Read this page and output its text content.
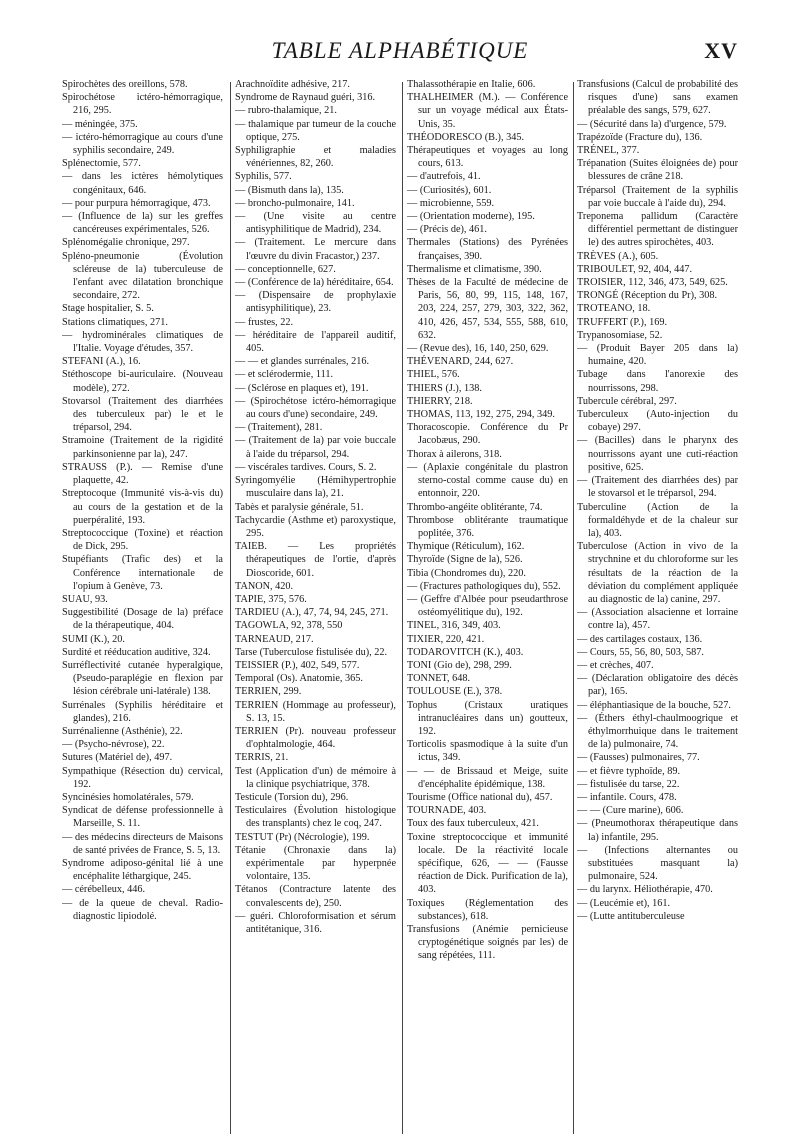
TABLE ALPHABÉTIQUE	XV

Spirochètes des oreillons, 578.

Spirochétose ictéro-hémorragique, 216, 295.

— méningée, 375.

— ictéro-hémorragique au cours d'une syphilis secondaire, 249.

Splénectomie, 577.

— dans les ictères hémolytiques congénitaux, 646.

— pour purpura hémorragique, 473.

— (Influence de la) sur les greffes cancéreuses expérimentales, 526.

Splénomégalie chronique, 297.

Spléno-pneumonie (Évolution scléreuse de la) tuberculeuse de l'enfant avec dilatation bronchique secondaire, 272.

Stage hospitalier, S. 5.

Stations climatiques, 271.

— hydrominérales climatiques de l'Italie. Voyage d'études, 357.

STEFANI (A.), 16.

Stéthoscope bi-auriculaire. (Nouveau modèle), 272.

Stovarsol (Traitement des diarrhées des tuberculeux par) le et le tréparsol, 294.

Stramoine (Traitement de la rigidité parkinsonienne par la), 247.

STRAUSS (P.). — Remise d'une plaquette, 42.

Streptocoque (Immunité vis-à-vis du) au cours de la gestation et de la puerpéralité, 193.

Streptococcique (Toxine) et réaction de Dick, 295.

Stupéfiants (Trafic des) et la Conférence internationale de l'opium à Genève, 73.

SUAU, 93.

Suggestibilité (Dosage de la) préface de la thérapeutique, 404.

SUMI (K.), 20.

Surdité et rééducation auditive, 324.

Surréflectivité cutanée hyperalgique, (Pseudo-paraplégie en flexion par lésion cérébrale uni-latérale) 138.

Surrénales (Syphilis héréditaire et glandes), 216.

Surrénalienne (Asthénie), 22.

— (Psycho-névrose), 22.

Sutures (Matériel de), 497.

Sympathique (Résection du) cervical, 192.

Syncinésies homolatérales, 579.

Syndicat de défense professionnelle à Marseille, S. 11.

— des médecins directeurs de Maisons de santé privées de France, S. 5, 13.

Syndrome adiposo-génital lié à une encéphalite léthargique, 245.

— cérébelleux, 446.

— de la queue de cheval. Radio-diagnostic lipiodolé.

Arachnoïdite adhésive, 217.

Syndrome de Raynaud guéri, 316.

— rubro-thalamique, 21.

— thalamique par tumeur de la couche optique, 275.

Syphiligraphie et maladies vénériennes, 82, 260.

Syphilis, 577.

— (Bismuth dans la), 135.

— broncho-pulmonaire, 141.

— (Une visite au centre antisyphilitique de Madrid), 234.

— (Traitement. Le mercure dans l'œuvre du divin Fracastor,) 237.

— conceptionnelle, 627.

— (Conférence de la) héréditaire, 654.

— (Dispensaire de prophylaxie antisyphilitique), 23.

— frustes, 22.

— héréditaire de l'appareil auditif, 405.

— — et glandes surrénales, 216.

— et sclérodermie, 111.

— (Sclérose en plaques et), 191.

— (Spirochétose ictéro-hémorragique au cours d'une) secondaire, 249.

— (Traitement), 281.

— (Traitement de la) par voie buccale à l'aide du tréparsol, 294.

— viscérales tardives. Cours, S. 2.

Syringomyélie (Hémihypertrophie musculaire dans la), 21.

Tabès et paralysie générale, 51.

Tachycardie (Asthme et) paroxystique, 295.

TAIEB. — Les propriétés thérapeutiques de l'ortie, d'après Dioscoride, 601.

TANON, 420.

TAPIE, 375, 576.

TARDIEU (A.), 47, 74, 94, 245, 271.

TAGOWLA, 92, 378, 550

TARNEAUD, 217.

Tarse (Tuberculose fistulisée du), 22.

TEISSIER (P.), 402, 549, 577.

Temporal (Os). Anatomie, 365.

TERRIEN, 299.

TERRIEN (Hommage au professeur), S. 13, 15.

TERRIEN (Pr). nouveau professeur d'ophtalmologie, 464.

TERRIS, 21.

Test (Application d'un) de mémoire à la clinique psychiatrique, 378.

Testicule (Torsion du), 296.

Testiculaires (Évolution histologique des transplants) chez le coq, 247.

TESTUT (Pr) (Nécrologie), 199.

Tétanie (Chronaxie dans la) expérimentale par hyperpnée volontaire, 135.

Tétanos (Contracture latente des convalescents de), 250.

— guéri. Chloroformisation et sérum antitétanique, 316.

Thalassothérapie en Italie, 606.

THALHEIMER (M.). — Conférence sur un voyage médical aux États-Unis, 35.

THÉODORESCO (B.), 345.

Thérapeutiques et voyages au long cours, 613.

— d'autrefois, 41.

— (Curiosités), 601.

— microbienne, 559.

— (Orientation moderne), 195.

— (Précis de), 461.

Thermales (Stations) des Pyrénées françaises, 390.

Thermalisme et climatisme, 390.

Thèses de la Faculté de médecine de Paris, 56, 80, 99, 115, 148, 167, 203, 224, 257, 279, 303, 322, 362, 410, 426, 457, 534, 555, 588, 610, 632.

— (Revue des), 16, 140, 250, 629.

THÉVENARD, 244, 627.

THIEL, 576.

THIERS (J.), 138.

THIERRY, 218.

THOMAS, 113, 192, 275, 294, 349.

Thoracoscopie. Conférence du Pr Jacobæus, 290.

Thorax à ailerons, 318.

— (Aplaxie congénitale du plastron sterno-costal comme cause du) en entonnoir, 220.

Thrombo-angéite oblitérante, 74.

Thrombose oblitérante traumatique poplitée, 376.

Thymique (Réticulum), 162.

Thyroïde (Signe de la), 526.

Tibia (Chondromes du), 220.

— (Fractures pathologiques du), 552.

— (Geffre d'Albée pour pseudarthrose ostéomyélitique du), 192.

TINEL, 316, 349, 403.

TIXIER, 220, 421.

TODAROVITCH (K.), 403.

TONI (Gio de), 298, 299.

TONNET, 648.

TOULOUSE (E.), 378.

Tophus (Cristaux uratiques intranucléaires dans un) goutteux, 192.

Torticolis spasmodique à la suite d'un ictus, 349.

— — de Brissaud et Meige, suite d'encéphalite épidémique, 138.

Tourisme (Office national du), 457.

TOURNADE, 403.

Toux des faux tuberculeux, 421.

Toxine streptococcique et immunité locale. De la réactivité locale spécifique, 626, — — (Fausse réaction de Dick. Purification de la), 403.

Toxiques (Réglementation des substances), 618.

Transfusions (Anémie pernicieuse cryptogénétique soignés par les) de sang répétées, 111.

Transfusions (Calcul de probabilité des risques d'une) sans examen préalable des sangs, 579, 627.

— (Sécurité dans la) d'urgence, 579.

Trapézoïde (Fracture du), 136.

TRÉNEL, 377.

Trépanation (Suites éloignées de) pour blessures de crâne 218.

Tréparsol (Traitement de la syphilis par voie buccale à l'aide du), 294.

Treponema pallidum (Caractère différentiel permettant de distinguer le) des autres spirochètes, 403.

TRÈVES (A.), 605.

TRIBOULET, 92, 404, 447.

TROISIER, 112, 346, 473, 549, 625.

TRONGÉ (Réception du Pr), 308.

TROTEANO, 18.

TRUFFERT (P.), 169.

Trypanosomiase, 52.

— (Produit Bayer 205 dans la) humaine, 420.

Tubage dans l'anorexie des nourrissons, 298.

Tubercule cérébral, 297.

Tuberculeux (Auto-injection du cobaye) 297.

— (Bacilles) dans le pharynx des nourrissons ayant une cuti-réaction positive, 625.

— (Traitement des diarrhées des) par le stovarsol et le tréparsol, 294.

Tuberculine (Action de la formaldéhyde et de la chaleur sur la), 403.

Tuberculose (Action in vivo de la strychnine et du chloroforme sur les résultats de la réaction de la déviation du complément appliquée au diagnostic de la) canine, 297.

— (Association alsacienne et lorraine contre la), 457.

— des cartilages costaux, 136.

— Cours, 55, 56, 80, 503, 587.

— et crèches, 407.

— (Déclaration obligatoire des décès par), 165.

— éléphantiasique de la bouche, 527.

— (Éthers éthyl-chaulmoogrique et éthylmorrhuique dans le traitement de la) pulmonaire, 74.

— (Fausses) pulmonaires, 77.

— et fièvre typhoïde, 89.

— fistulisée du tarse, 22.

— infantile. Cours, 478.

— — (Cure marine), 606.

— (Pneumothorax thérapeutique dans la) infantile, 295.

— (Infections alternantes ou substituées masquant la) pulmonaire, 524.

— du larynx. Héliothérapie, 470.

— (Leucémie et), 161.

— (Lutte antituberculeuse
